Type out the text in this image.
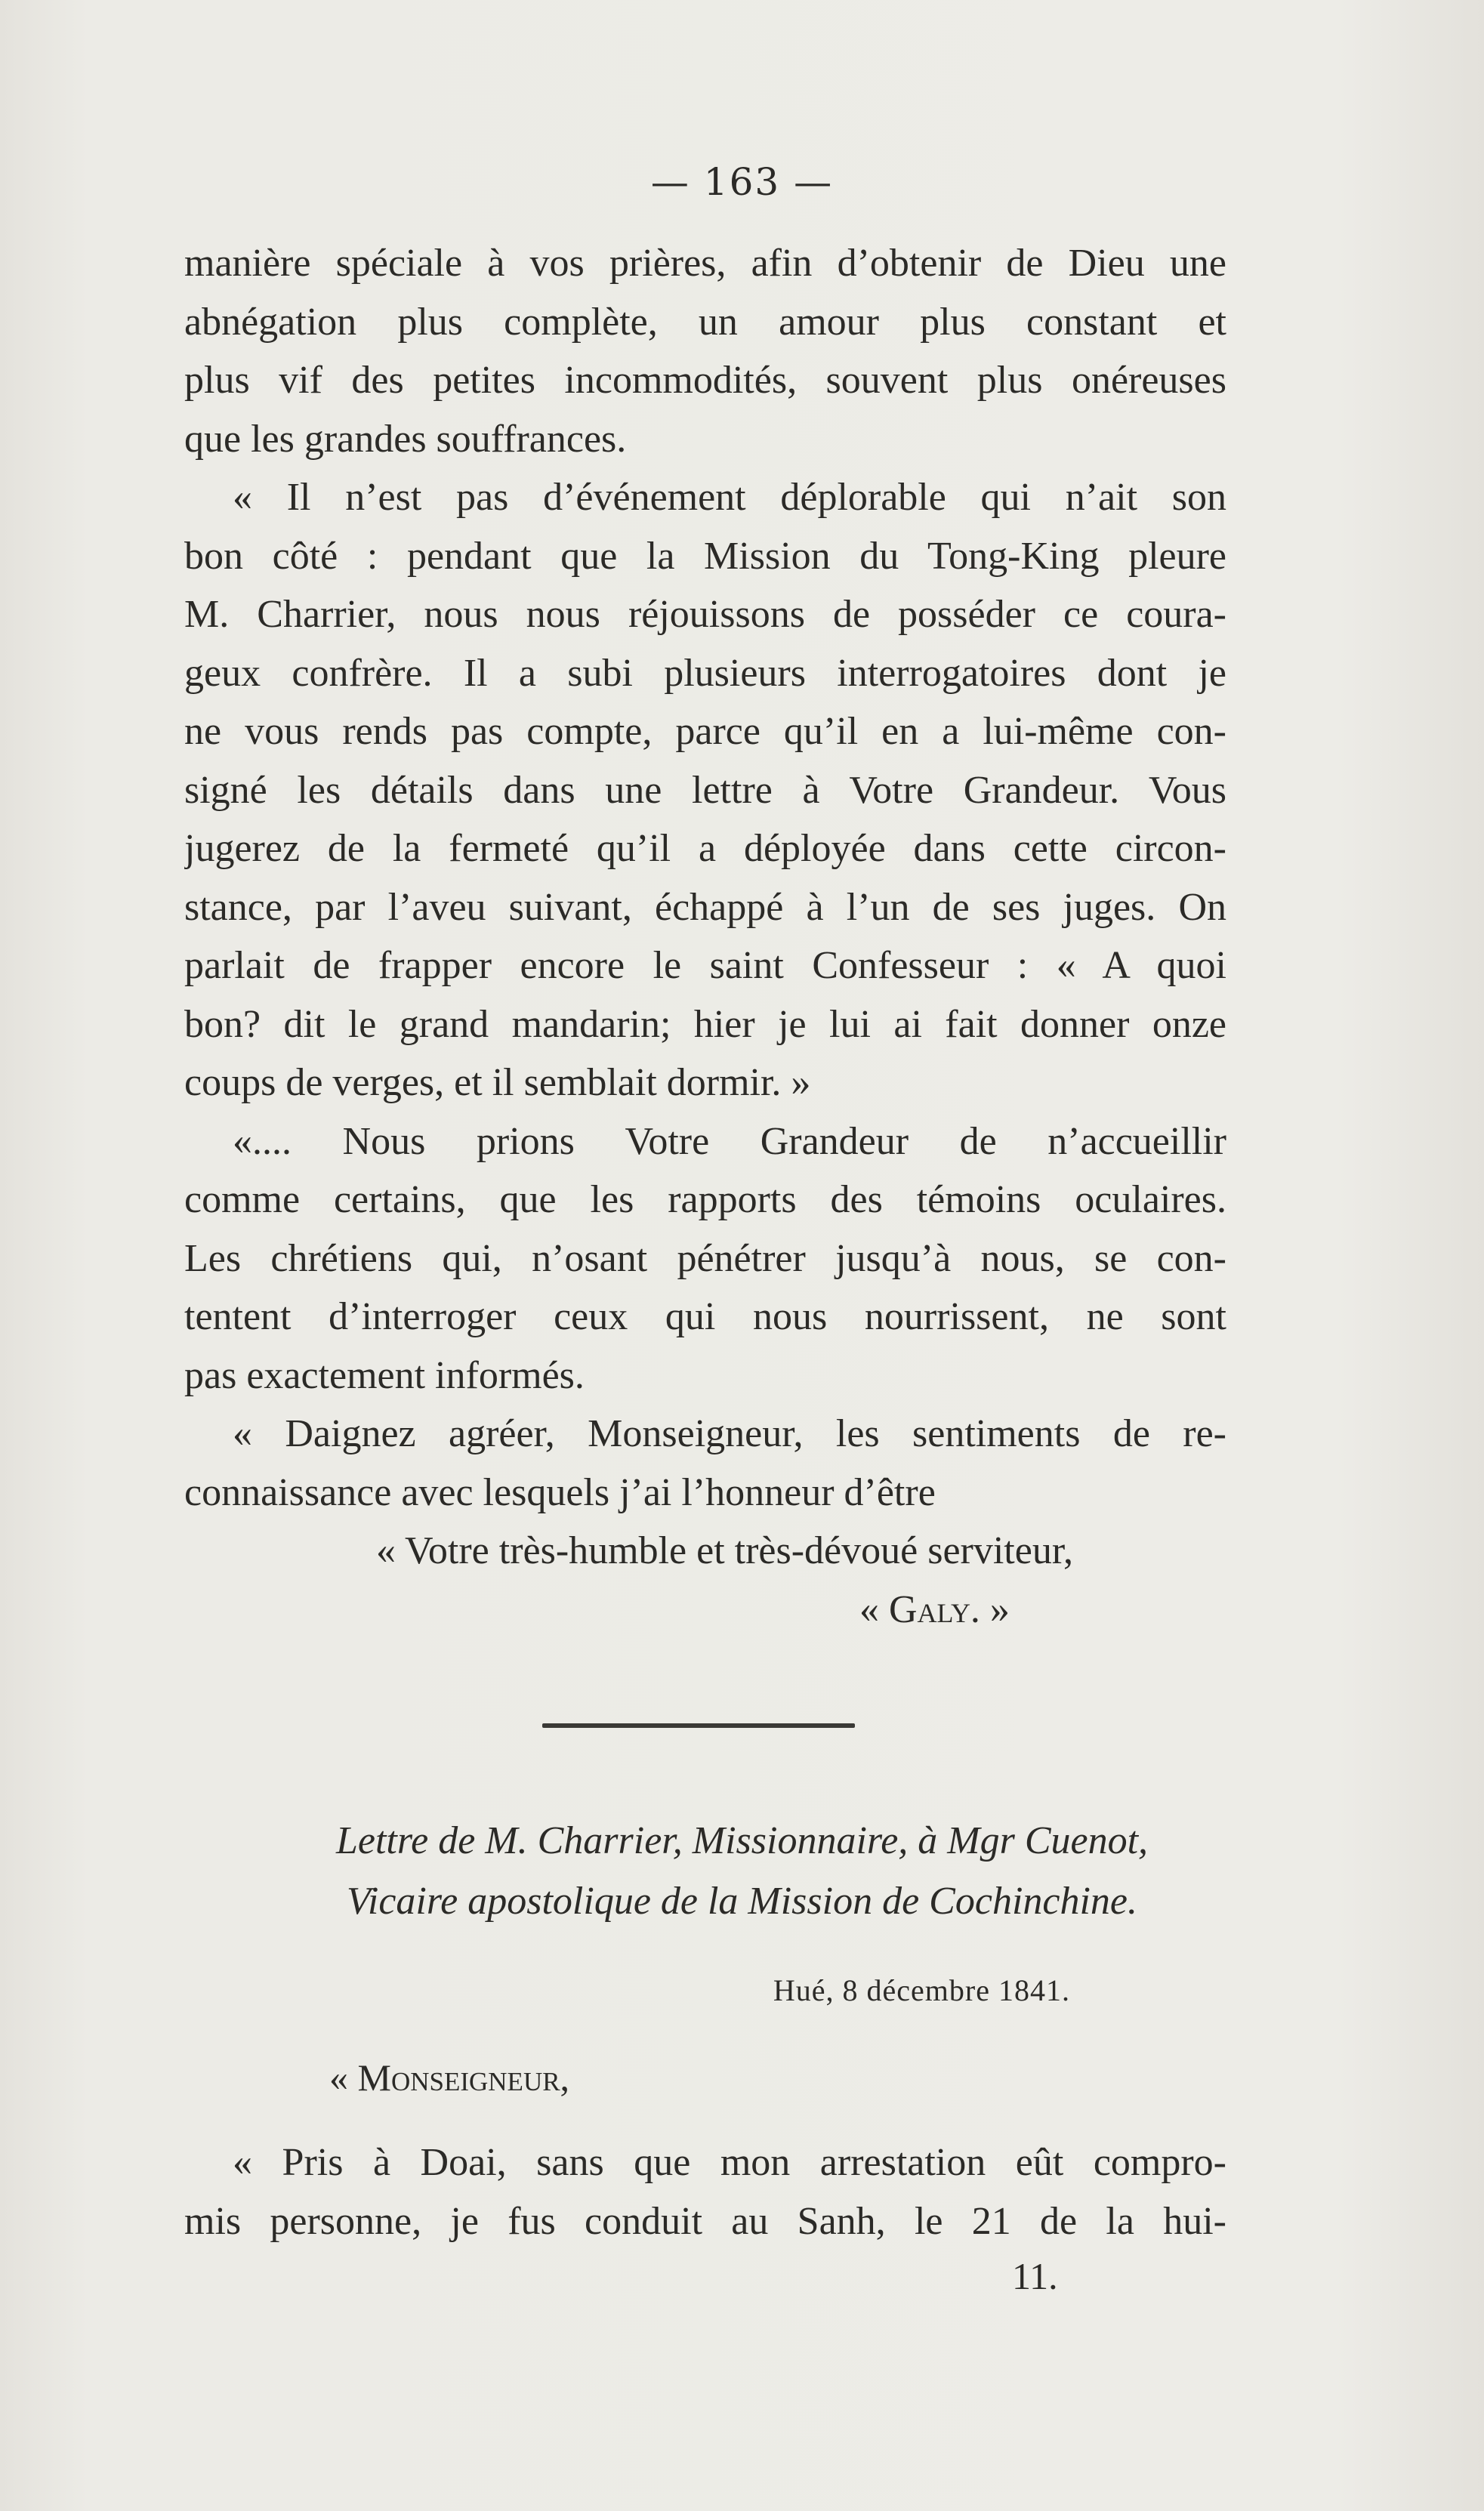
— 163 —
manière spéciale à vos prières, afin d’obtenir de Dieu une
abnégation plus complète, un amour plus constant et
plus vif des petites incommodités, souvent plus onéreuses
que les grandes souffrances.
« Il n’est pas d’événement déplorable qui n’ait son
bon côté : pendant que la Mission du Tong-King pleure
M. Charrier, nous nous réjouissons de posséder ce coura-
geux confrère. Il a subi plusieurs interrogatoires dont je
ne vous rends pas compte, parce qu’il en a lui-même con-
signé les détails dans une lettre à Votre Grandeur. Vous
jugerez de la fermeté qu’il a déployée dans cette circon-
stance, par l’aveu suivant, échappé à l’un de ses juges. On
parlait de frapper encore le saint Confesseur : « A quoi
bon? dit le grand mandarin; hier je lui ai fait donner onze
coups de verges, et il semblait dormir. »
«.... Nous prions Votre Grandeur de n’accueillir
comme certains, que les rapports des témoins oculaires.
Les chrétiens qui, n’osant pénétrer jusqu’à nous, se con-
tentent d’interroger ceux qui nous nourrissent, ne sont
pas exactement informés.
« Daignez agréer, Monseigneur, les sentiments de re-
connaissance avec lesquels j’ai l’honneur d’être
« Votre très-humble et très-dévoué serviteur,
« Galy. »
Lettre de M. Charrier, Missionnaire, à Mgr Cuenot,
Vicaire apostolique de la Mission de Cochinchine.
Hué, 8 décembre 1841.
« Monseigneur,
« Pris à Doai, sans que mon arrestation eût compro-
mis personne, je fus conduit au Sanh, le 21 de la hui-
11.
